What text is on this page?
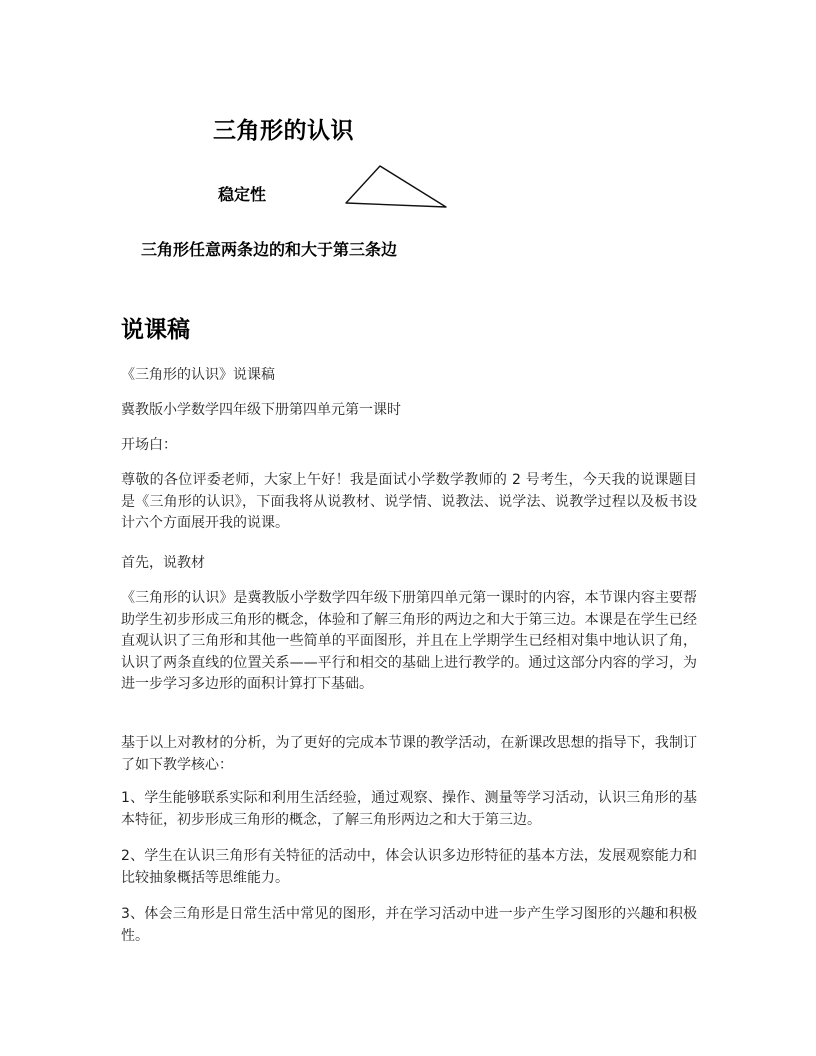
三角形的认识
稳定性
三角形任意两条边的和大于第三条边
说课稿
《三角形的认识》说课稿
冀教版小学数学四年级下册第四单元第一课时
开场白：
尊敬的各位评委老师，大家上午好！我是面试小学数学教师的 2 号考生，今天我的说课题目是《三角形的认识》，下面我将从说教材、说学情、说教法、说学法、说教学过程以及板书设计六个方面展开我的说课。
首先，说教材
《三角形的认识》是冀教版小学数学四年级下册第四单元第一课时的内容，本节课内容主要帮助学生初步形成三角形的概念，体验和了解三角形的两边之和大于第三边。本课是在学生已经直观认识了三角形和其他一些简单的平面图形，并且在上学期学生已经相对集中地认识了角，认识了两条直线的位置关系——平行和相交的基础上进行教学的。通过这部分内容的学习，为进一步学习多边形的面积计算打下基础。
基于以上对教材的分析，为了更好的完成本节课的教学活动，在新课改思想的指导下，我制订了如下教学核心：
1、学生能够联系实际和利用生活经验，通过观察、操作、测量等学习活动，认识三角形的基本特征，初步形成三角形的概念，了解三角形两边之和大于第三边。
2、学生在认识三角形有关特征的活动中，体会认识多边形特征的基本方法，发展观察能力和比较抽象概括等思维能力。
3、体会三角形是日常生活中常见的图形，并在学习活动中进一步产生学习图形的兴趣和积极性。
